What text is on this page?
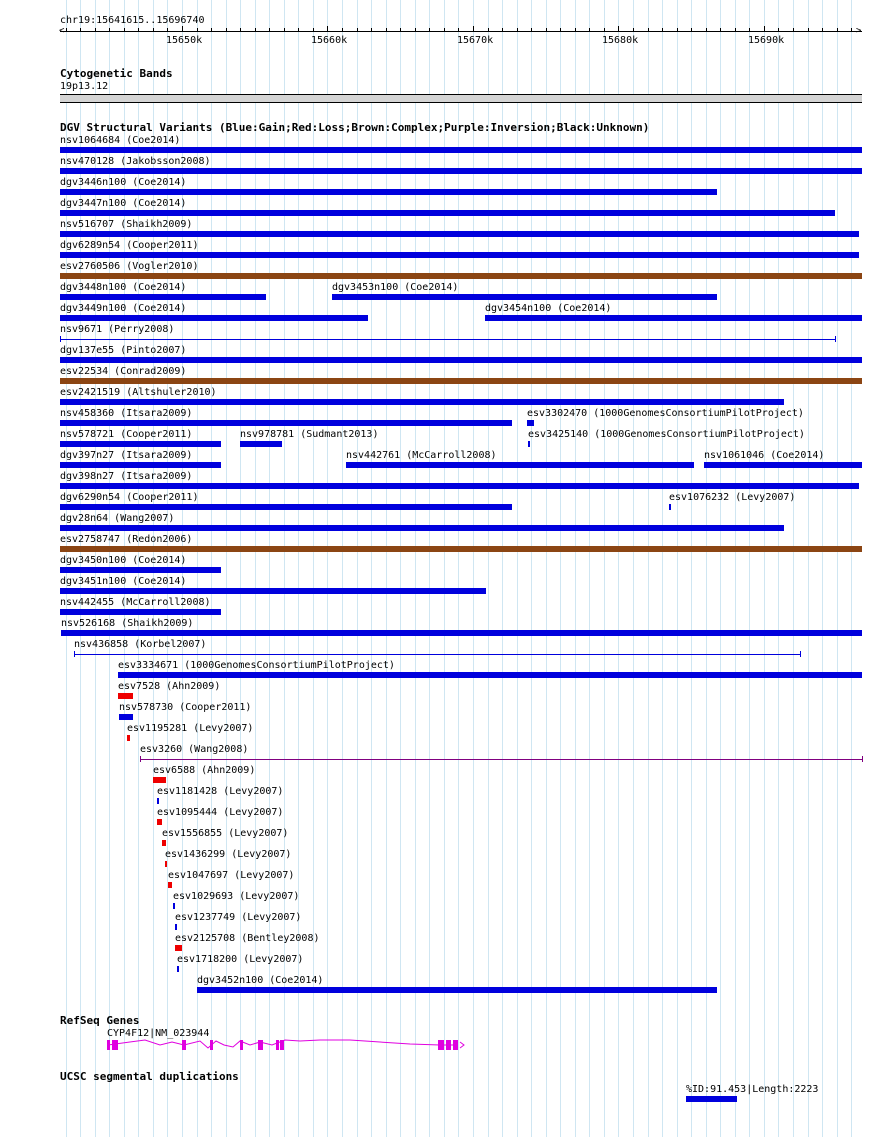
chr19:15641615..15696740
<	>
15650k	15660k	15670k	15680k	15690k
Cytogenetic Bands
19p13.12
DGV Structural Variants (Blue:Gain;Red:Loss;Brown:Complex;Purple:Inversion;Black:Unknown)
nsv1064684 (Coe2014)
nsv470128 (Jakobsson2008)
dgv3446n100 (Coe2014)
dgv3447n100 (Coe2014)
nsv516707 (Shaikh2009)
dgv6289n54 (Cooper2011)
esv2760506 (Vogler2010)
dgv3448n100 (Coe2014)	dgv3453n100 (Coe2014)
dgv3449n100 (Coe2014)	dgv3454n100 (Coe2014)
nsv9671 (Perry2008)
dgv137e55 (Pinto2007)
esv22534 (Conrad2009)
esv2421519 (Altshuler2010)
nsv458360 (Itsara2009)	esv3302470 (1000GenomesConsortiumPilotProject)
nsv578721 (Cooper2011)	nsv978781 (Sudmant2013)	esv3425140 (1000GenomesConsortiumPilotProject)
dgv397n27 (Itsara2009)	nsv442761 (McCarroll2008)	nsv1061046 (Coe2014)
dgv398n27 (Itsara2009)
dgv6290n54 (Cooper2011)	esv1076232 (Levy2007)
dgv28n64 (Wang2007)
esv2758747 (Redon2006)
dgv3450n100 (Coe2014)
dgv3451n100 (Coe2014)
nsv442455 (McCarroll2008)
nsv526168 (Shaikh2009)
nsv436858 (Korbel2007)
esv3334671 (1000GenomesConsortiumPilotProject)
esv7528 (Ahn2009)
nsv578730 (Cooper2011)
esv1195281 (Levy2007)
esv3260 (Wang2008)
esv6588 (Ahn2009)
esv1181428 (Levy2007)
esv1095444 (Levy2007)
esv1556855 (Levy2007)
esv1436299 (Levy2007)
esv1047697 (Levy2007)
esv1029693 (Levy2007)
esv1237749 (Levy2007)
esv2125708 (Bentley2008)
esv1718200 (Levy2007)
dgv3452n100 (Coe2014)
RefSeq Genes
CYP4F12|NM_023944
UCSC segmental duplications
%ID:91.453|Length:2223
